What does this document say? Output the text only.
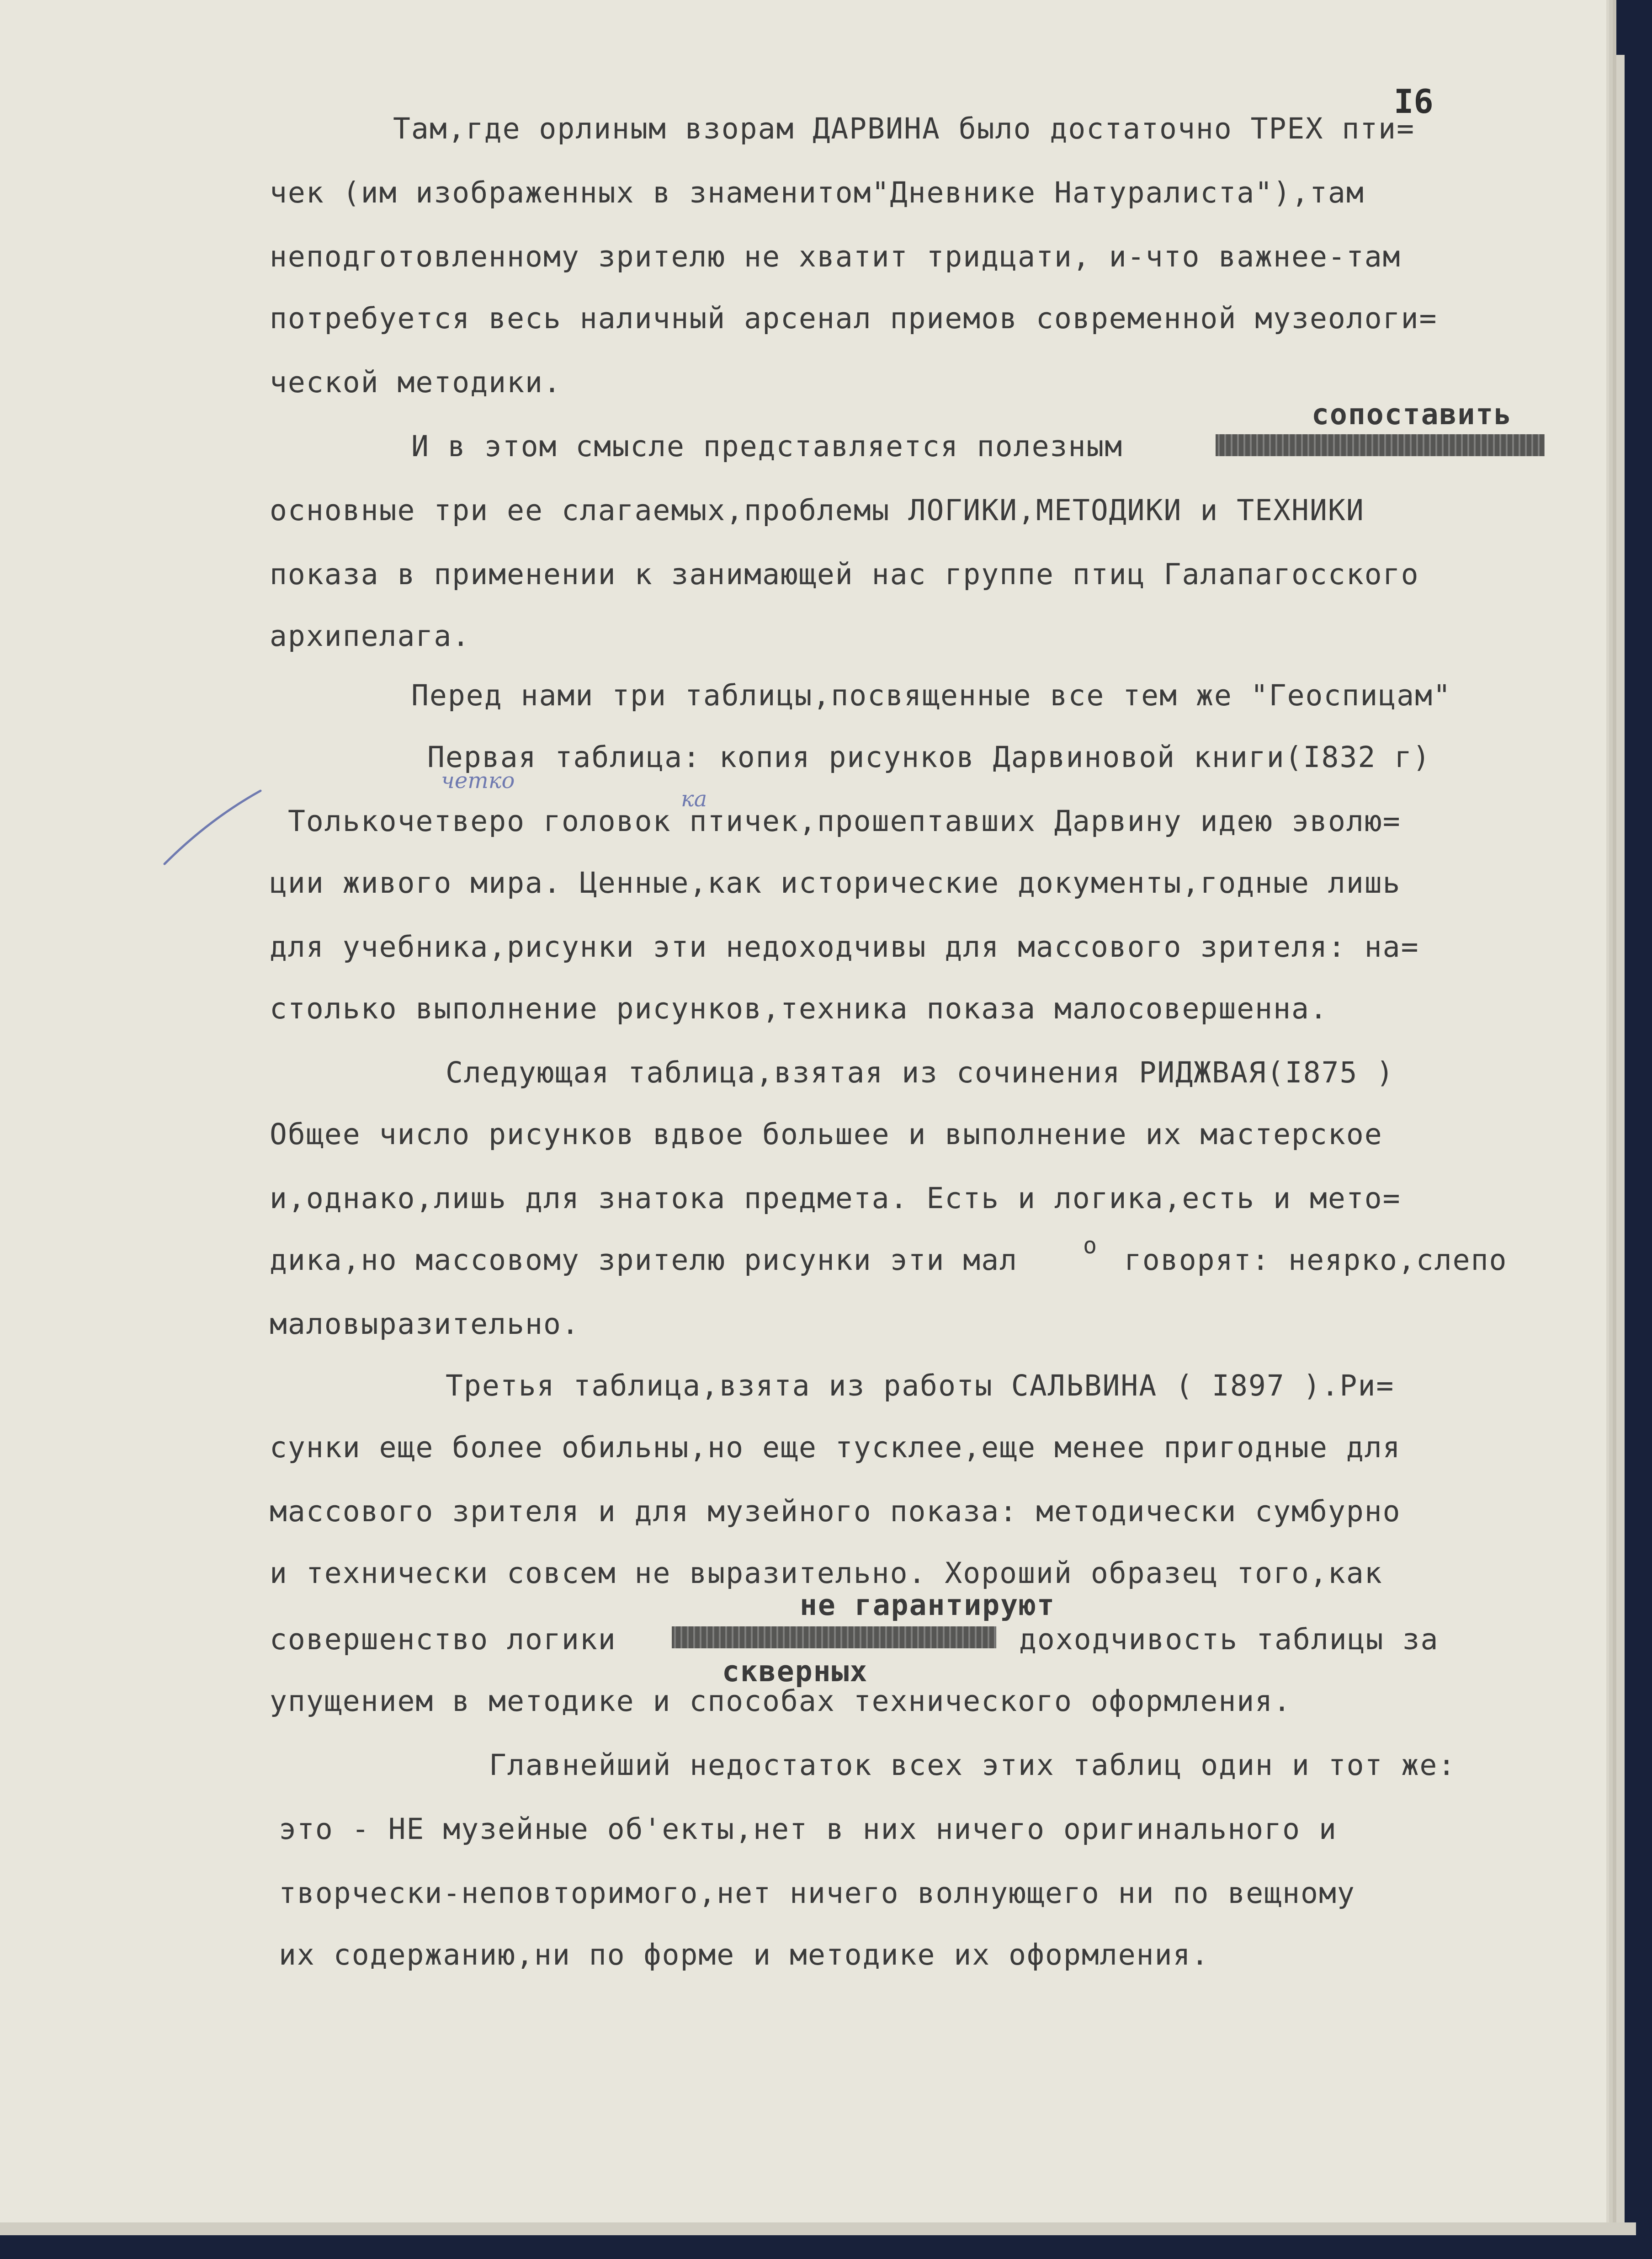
I6
Там,где орлиным взорам ДАРВИНА было достаточно ТРЕХ пти=
чек (им изображенных в знаменитом"Дневнике Натуралиста"),там
неподготовленному зрителю не хватит тридцати, и-что важнее-там
потребуется весь наличный арсенал приемов современной музеологи=
ческой методики.
сопоставить
И в этом смысле представляется полезным
основные три ее слагаемых,проблемы ЛОГИКИ,МЕТОДИКИ и ТЕХНИКИ
показа в применении к занимающей нас группе птиц Галапагосского
архипелага.
Перед нами три таблицы,посвященные все тем же "Геоспицам"
Первая таблица: копия рисунков Дарвиновой книги(I832 г)
четко
ка
Толькочетверо головок птичек,прошептавших Дарвину идею эволю=
ции живого мира. Ценные,как исторические документы,годные лишь
для учебника,рисунки эти недоходчивы для массового зрителя: на=
столько выполнение рисунков,техника показа малосовершенна.
Следующая таблица,взятая из сочинения РИДЖВАЯ(I875 )
Общее число рисунков вдвое большее и выполнение их мастерское
и,однако,лишь для знатока предмета. Есть и логика,есть и мето=
дика,но массовому зрителю рисунки эти мал	о говорят: неярко,слепо
маловыразительно.
Третья таблица,взята из работы САЛЬВИНА ( I897 ).Ри=
сунки еще более обильны,но еще тусклее,еще менее пригодные для
массового зрителя и для музейного показа: методически сумбурно
и технически совсем не выразительно. Хороший образец того,как
не гарантируют
совершенство логики	доходчивость таблицы за
скверных
упущением в методике и способах технического оформления.
Главнейший недостаток всех этих таблиц один и тот же:
это - НЕ музейные об'екты,нет в них ничего оригинального и
творчески-неповторимого,нет ничего волнующего ни по вещному
их содержанию,ни по форме и методике их оформления.
